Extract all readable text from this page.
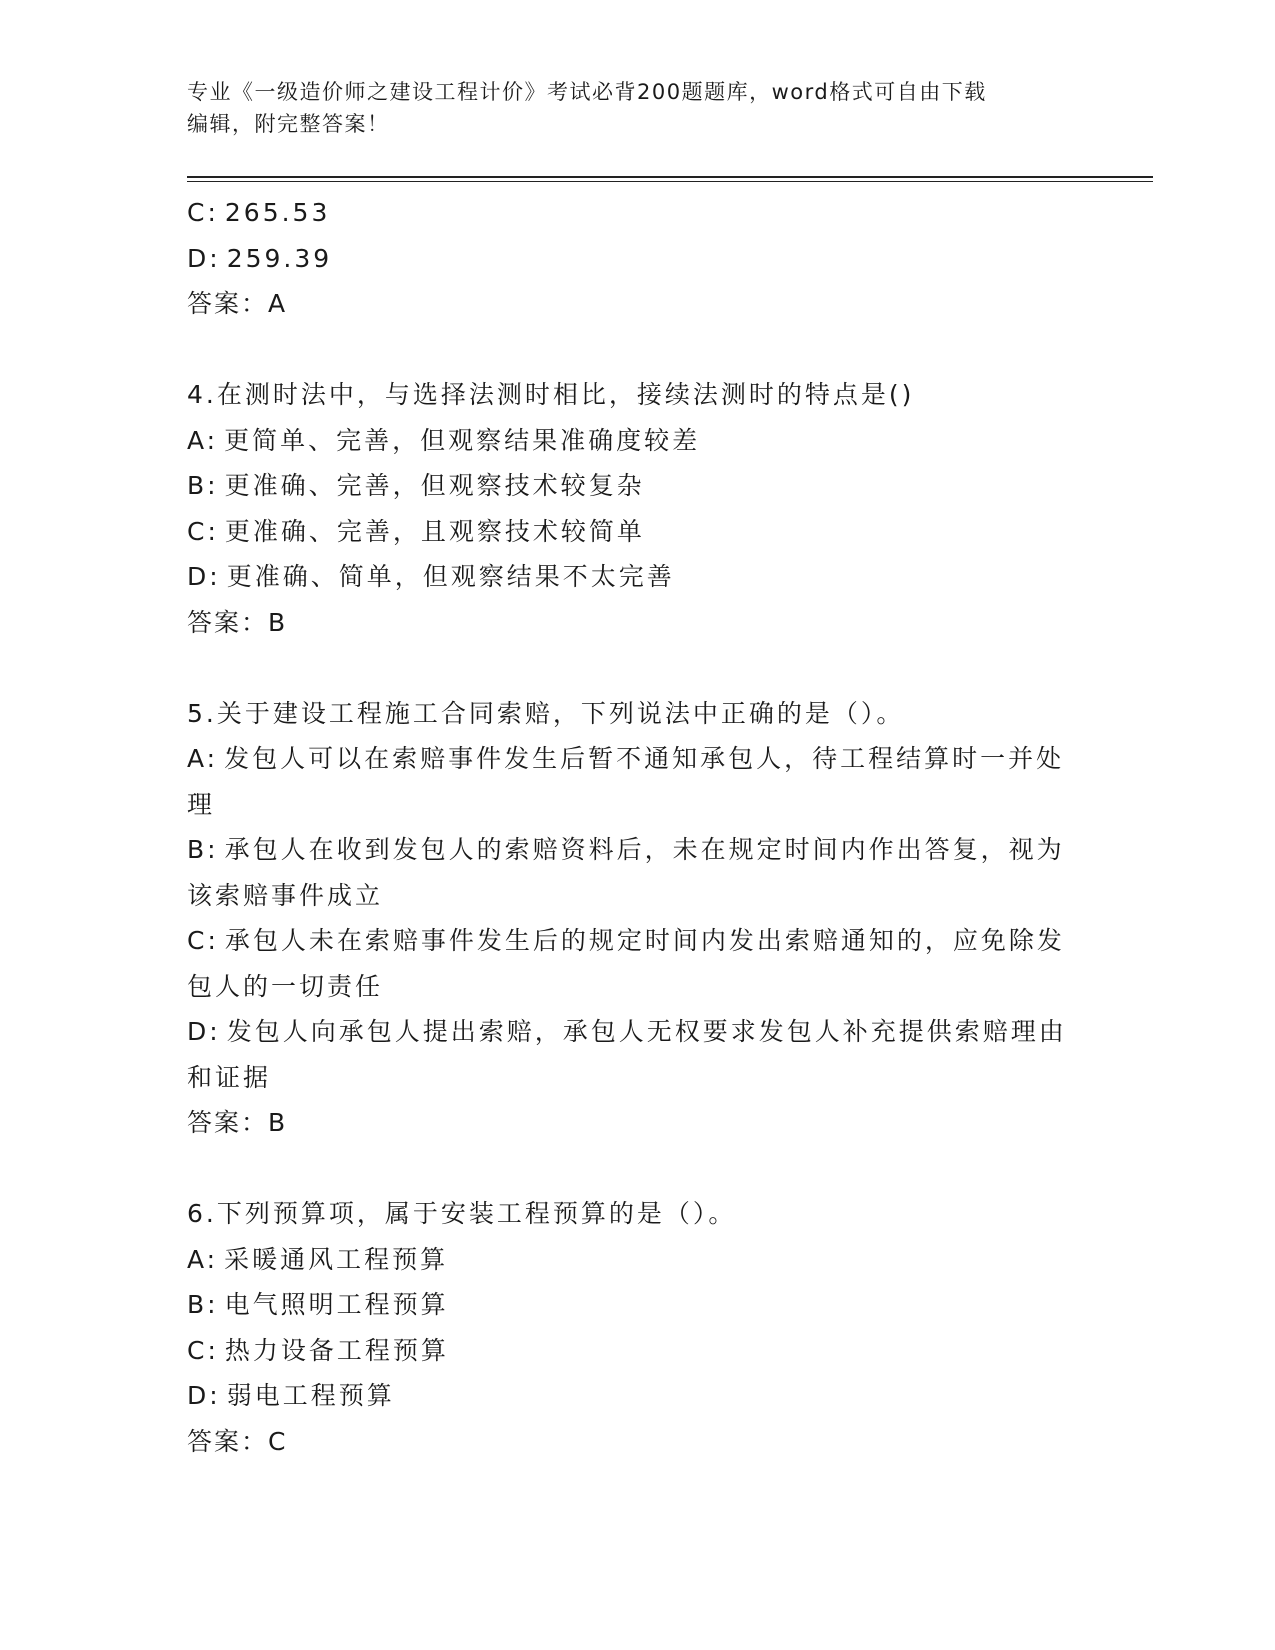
专业《一级造价师之建设工程计价》考试必背200题题库，word格式可自由下载
编辑，附完整答案！
C: 265.53
D: 259.39
答案：A
4.在测时法中，与选择法测时相比，接续法测时的特点是()
A: 更简单、完善，但观察结果准确度较差
B: 更准确、完善，但观察技术较复杂
C: 更准确、完善，且观察技术较简单
D: 更准确、简单，但观察结果不太完善
答案：B
5.关于建设工程施工合同索赔，下列说法中正确的是（）。
A: 发包人可以在索赔事件发生后暂不通知承包人，待工程结算时一并处理
B: 承包人在收到发包人的索赔资料后，未在规定时间内作出答复，视为该索赔事件成立
C: 承包人未在索赔事件发生后的规定时间内发出索赔通知的，应免除发包人的一切责任
D: 发包人向承包人提出索赔，承包人无权要求发包人补充提供索赔理由和证据
答案：B
6.下列预算项，属于安装工程预算的是（）。
A: 采暖通风工程预算
B: 电气照明工程预算
C: 热力设备工程预算
D: 弱电工程预算
答案：C
